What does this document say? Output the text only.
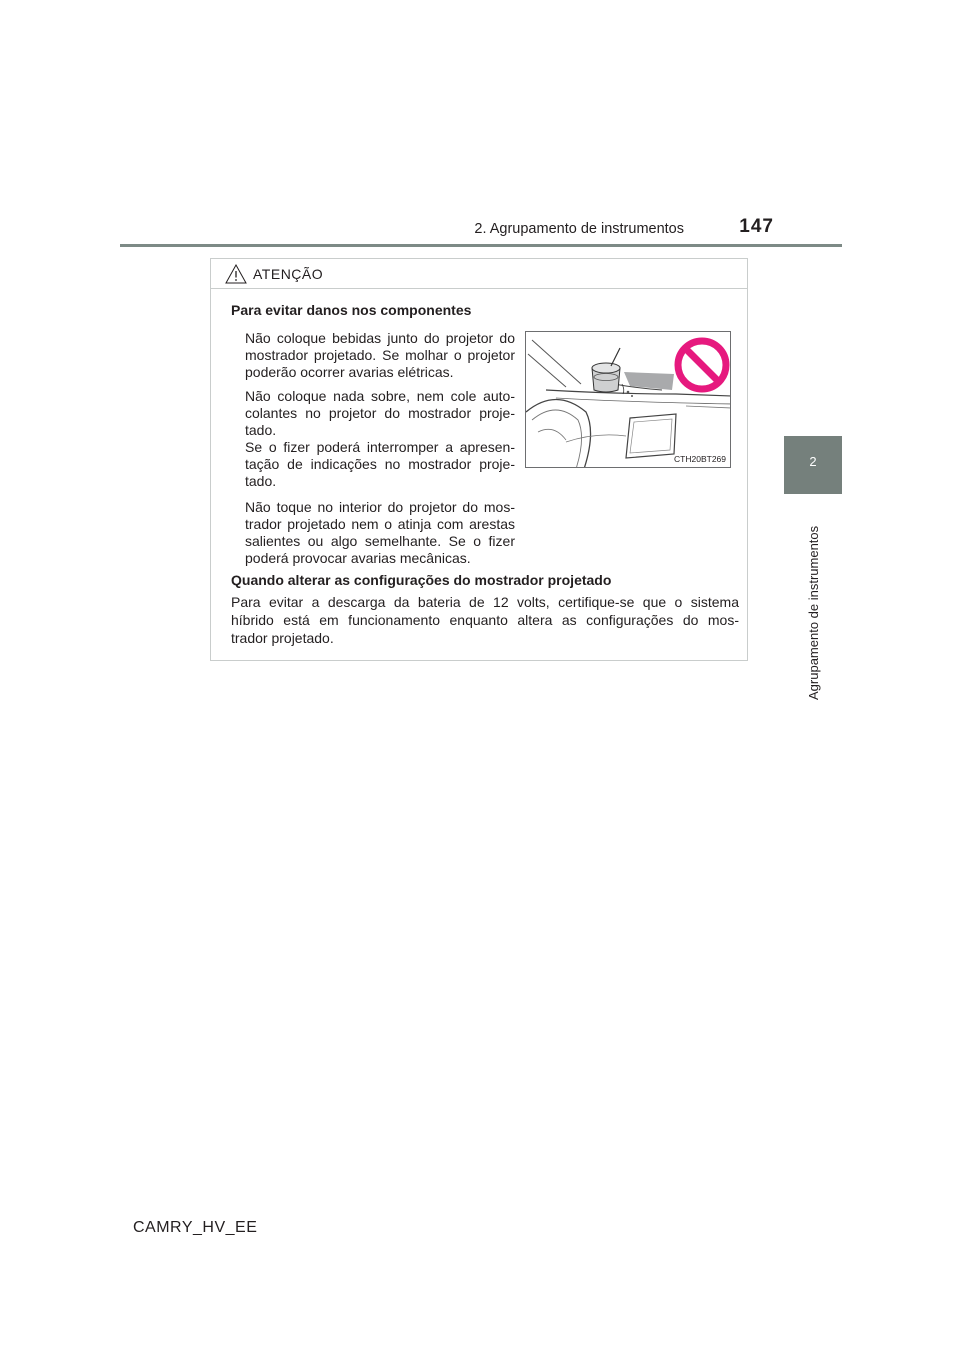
2. Agrupamento de instrumentos	147
2
Agrupamento de instrumentos
ATENÇÃO
Para evitar danos nos componentes
Não coloque bebidas junto do projetor do
mostrador projetado. Se molhar o projetor
poderão ocorrer avarias elétricas.
Não coloque nada sobre, nem cole auto-
colantes no projetor do mostrador proje-
tado.
Se o fizer poderá interromper a apresen-
tação de indicações no mostrador proje-
tado.
Não toque no interior do projetor do mos-
trador projetado nem o atinja com arestas
salientes ou algo semelhante. Se o fizer
poderá provocar avarias mecânicas.
CTH20BT269
Quando alterar as configurações do mostrador projetado
Para evitar a descarga da bateria de 12 volts, certifique-se que o sistema
híbrido está em funcionamento enquanto altera as configurações do mos-
trador projetado.
CAMRY_HV_EE
